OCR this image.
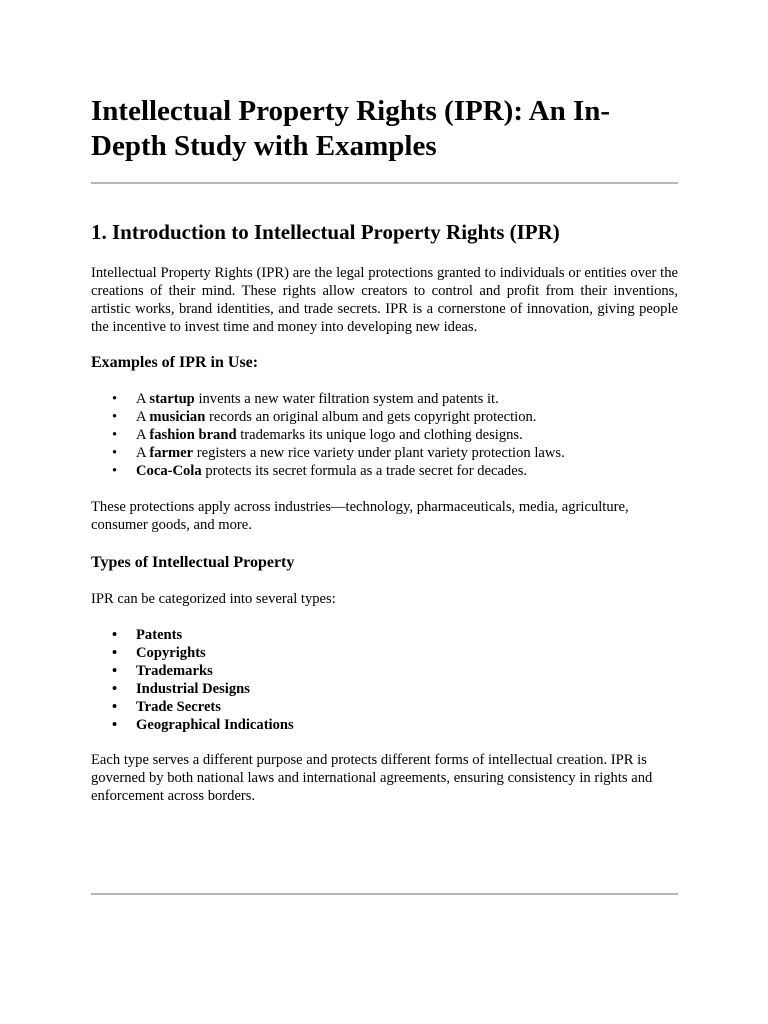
Intellectual Property Rights (IPR): An In-Depth Study with Examples
1. Introduction to Intellectual Property Rights (IPR)

Intellectual Property Rights (IPR) are the legal protections granted to individuals or entities over the creations of their mind. These rights allow creators to control and profit from their inventions, artistic works, brand identities, and trade secrets. IPR is a cornerstone of innovation, giving people the incentive to invest time and money into developing new ideas.

Examples of IPR in Use:
• A startup invents a new water filtration system and patents it.
• A musician records an original album and gets copyright protection.
• A fashion brand trademarks its unique logo and clothing designs.
• A farmer registers a new rice variety under plant variety protection laws.
• Coca-Cola protects its secret formula as a trade secret for decades.

These protections apply across industries—technology, pharmaceuticals, media, agriculture, consumer goods, and more.

Types of Intellectual Property

IPR can be categorized into several types:

• Patents
• Copyrights
• Trademarks
• Industrial Designs
• Trade Secrets
• Geographical Indications

Each type serves a different purpose and protects different forms of intellectual creation. IPR is governed by both national laws and international agreements, ensuring consistency in rights and enforcement across borders.
